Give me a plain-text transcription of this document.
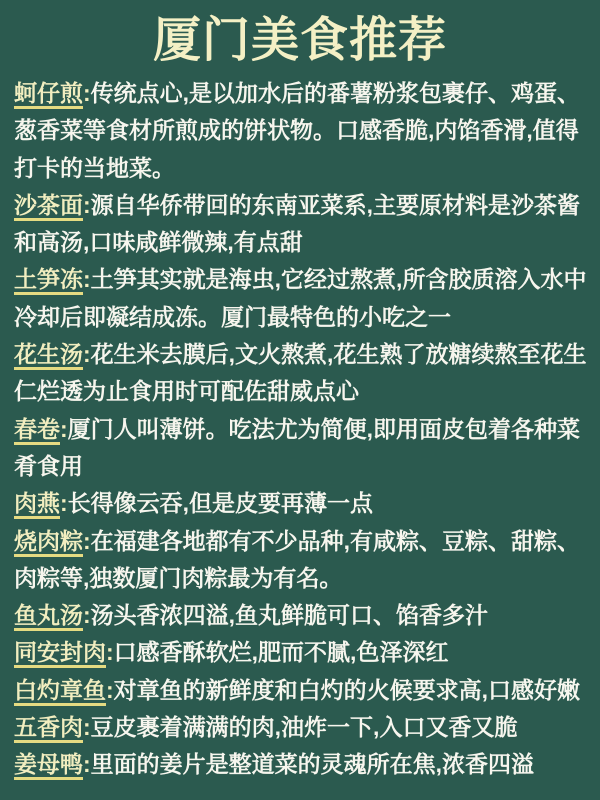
厦门美食推荐

蚵仔煎:传统点心,是以加水后的番薯粉浆包裹仔、鸡蛋、葱香菜等食材所煎成的饼状物。口感香脆,内馅香滑,值得打卡的当地菜。

沙茶面:源自华侨带回的东南亚菜系,主要原材料是沙茶酱和高汤,口味咸鲜微辣,有点甜

土笋冻:土笋其实就是海虫,它经过熬煮,所含胶质溶入水中冷却后即凝结成冻。厦门最特色的小吃之一

花生汤:花生米去膜后,文火熬煮,花生熟了放糖续熬至花生仁烂透为止食用时可配佐甜威点心

春卷:厦门人叫薄饼。吃法尤为简便,即用面皮包着各种菜肴食用

肉燕:长得像云吞,但是皮要再薄一点

烧肉粽:在福建各地都有不少品种,有咸粽、豆粽、甜粽、肉粽等,独数厦门肉粽最为有名。

鱼丸汤:汤头香浓四溢,鱼丸鲜脆可口、馅香多汁

同安封肉:口感香酥软烂,肥而不腻,色泽深红

白灼章鱼:对章鱼的新鲜度和白灼的火候要求高,口感好嫩

五香肉:豆皮裹着满满的肉,油炸一下,入口又香又脆

姜母鸭:里面的姜片是整道菜的灵魂所在焦,浓香四溢
